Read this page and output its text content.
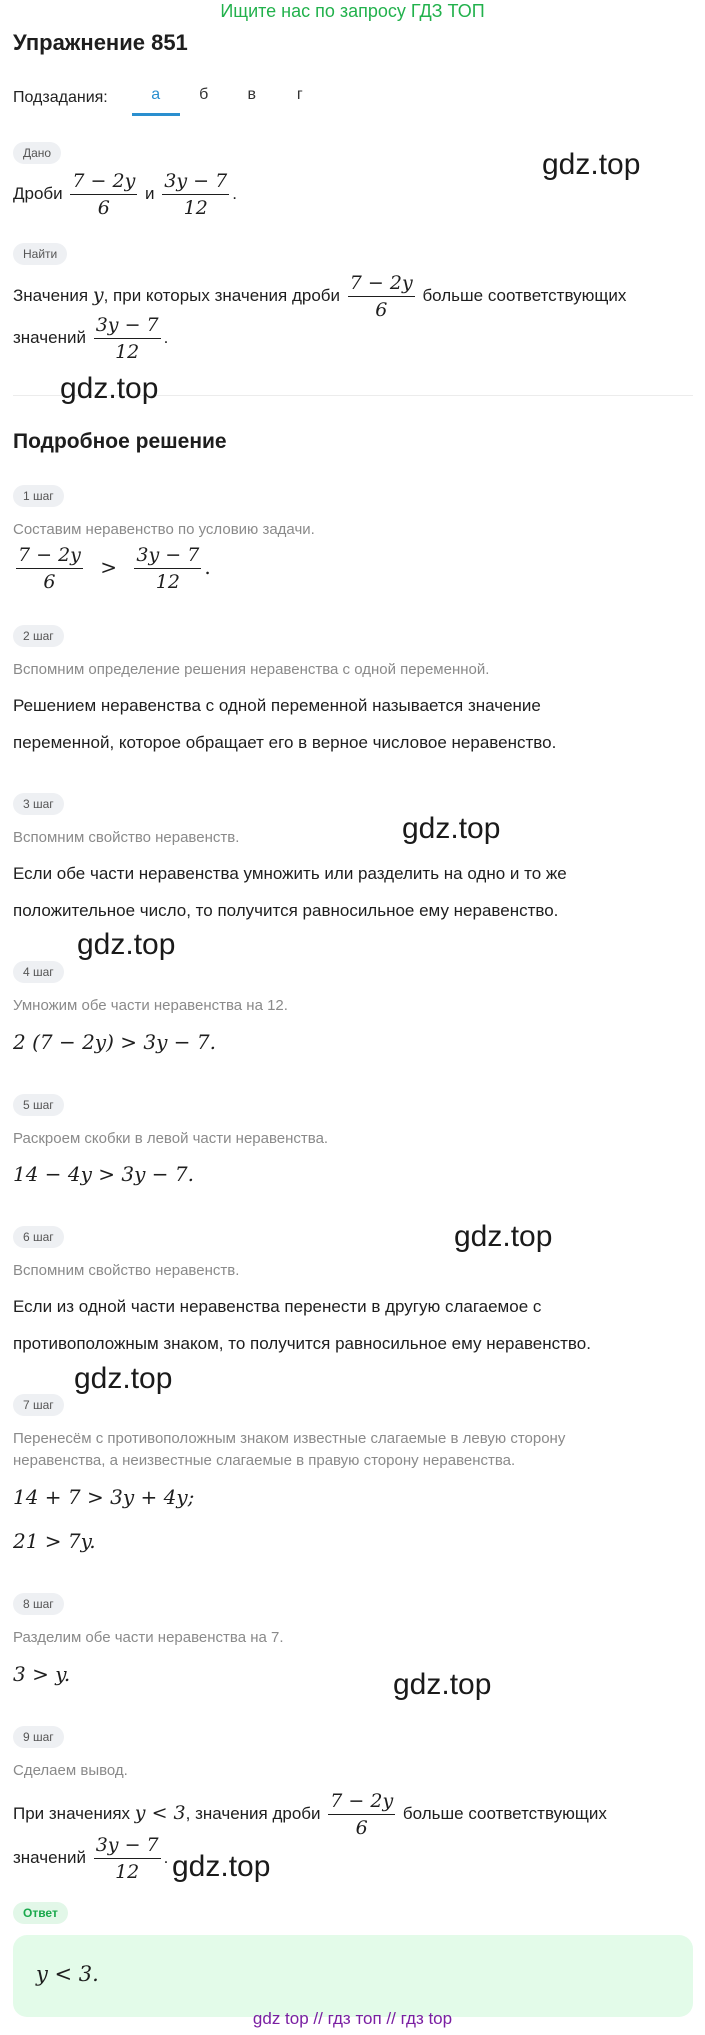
Ищите нас по запросу ГДЗ ТОП
Упражнение 851
Подзадания:	а	б	в	г
Дано
Дроби $\frac{7 - 2y}{6}$ и $\frac{3y - 7}{12}$ .
Найти
Значения y, при которых значения дроби $\frac{7 - 2y}{6}$ больше соответствующих
значений $\frac{3y - 7}{12}$ .
Подробное решение
1 шаг
Составим неравенство по условию задачи.
$\frac{7 - 2y}{6} > \frac{3y - 7}{12}$ .
2 шаг
Вспомним определение решения неравенства с одной переменной.
Решением неравенства с одной переменной называется значение
переменной, которое обращает его в верное числовое неравенство.
3 шаг
Вспомним свойство неравенств.
Если обе части неравенства умножить или разделить на одно и то же
положительное число, то получится равносильное ему неравенство.
4 шаг
Умножим обе части неравенства на 12.
2 (7 − 2y) > 3y − 7.
5 шаг
Раскроем скобки в левой части неравенства.
14 − 4y > 3y − 7.
6 шаг
Вспомним свойство неравенств.
Если из одной части неравенства перенести в другую слагаемое с
противоположным знаком, то получится равносильное ему неравенство.
7 шаг
Перенесём с противоположным знаком известные слагаемые в левую сторону
неравенства, а неизвестные слагаемые в правую сторону неравенства.
14 + 7 > 3y + 4y;
21 > 7y.
8 шаг
Разделим обе части неравенства на 7.
3 > y.
9 шаг
Сделаем вывод.
При значениях y < 3, значения дроби $\frac{7 - 2y}{6}$ больше соответствующих
значений $\frac{3y - 7}{12}$ .
Ответ
y < 3.
gdz.top
gdz.top
gdz.top
gdz.top
gdz.top
gdz.top
gdz.top
gdz.top
gdz top // гдз топ // гдз top
